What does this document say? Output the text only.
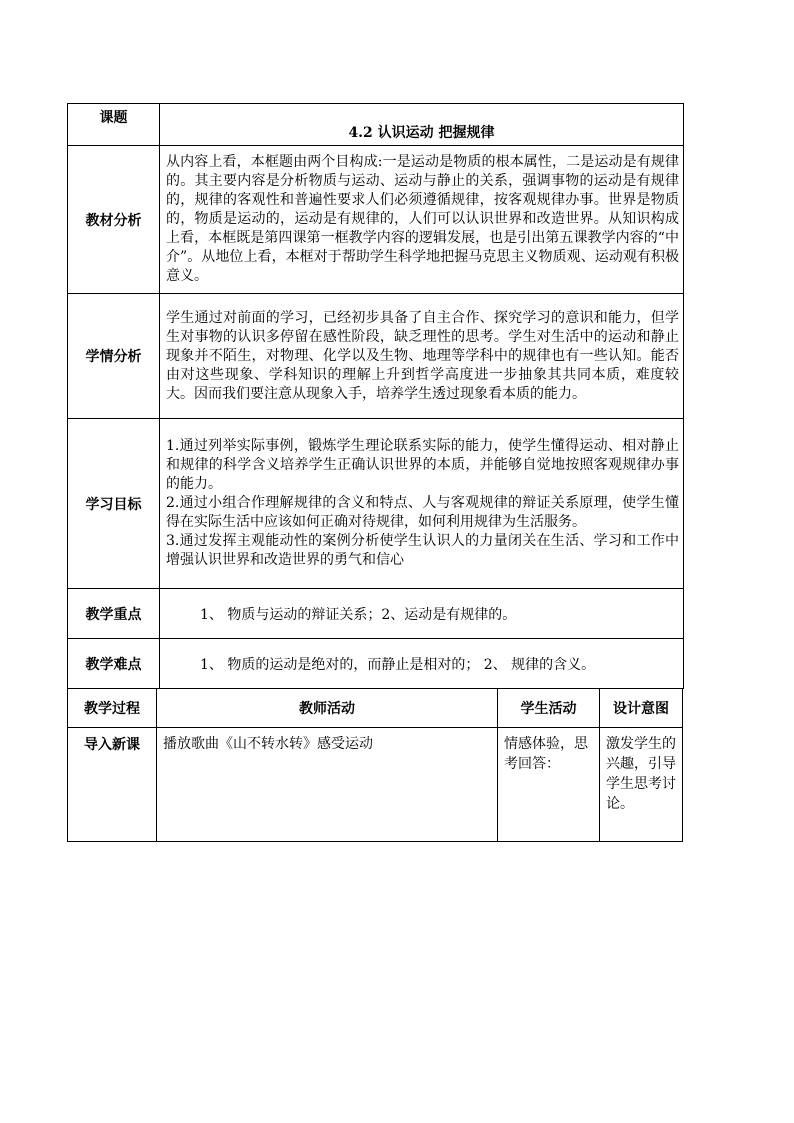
课题	4.2 认识运动 把握规律
教材分析	从内容上看，本框题由两个目构成:一是运动是物质的根本属性，二是运动是有规律的。其主要内容是分析物质与运动、运动与静止的关系，强调事物的运动是有规律的，规律的客观性和普遍性要求人们必须遵循规律，按客观规律办事。世界是物质的，物质是运动的，运动是有规律的，人们可以认识世界和改造世界。从知识构成上看，本框既是第四课第一框教学内容的逻辑发展，也是引出第五课教学内容的“中介”。从地位上看，本框对于帮助学生科学地把握马克思主义物质观、运动观有积极意义。
学情分析	学生通过对前面的学习，已经初步具备了自主合作、探究学习的意识和能力，但学生对事物的认识多停留在感性阶段，缺乏理性的思考。学生对生活中的运动和静止现象并不陌生，对物理、化学以及生物、地理等学科中的规律也有一些认知。能否由对这些现象、学科知识的理解上升到哲学高度进一步抽象其共同本质，难度较大。因而我们要注意从现象入手，培养学生透过现象看本质的能力。
学习目标	1.通过列举实际事例，锻炼学生理论联系实际的能力，使学生懂得运动、相对静止和规律的科学含义培养学生正确认识世界的本质，并能够自觉地按照客观规律办事的能力。
2.通过小组合作理解规律的含义和特点、人与客观规律的辩证关系原理，使学生懂得在实际生活中应该如何正确对待规律，如何利用规律为生活服务。
3.通过发挥主观能动性的案例分析使学生认识人的力量闭关在生活、学习和工作中增强认识世界和改造世界的勇气和信心

教学重点	1、 物质与运动的辩证关系；2、运动是有规律的。
教学难点	1、 物质的运动是绝对的，而静止是相对的； 2、 规律的含义。
教学过程	教师活动	学生活动	设计意图
导入新课	播放歌曲《山不转水转》感受运动	情感体验，思考回答：	激发学生的兴趣，引导学生思考讨论。
